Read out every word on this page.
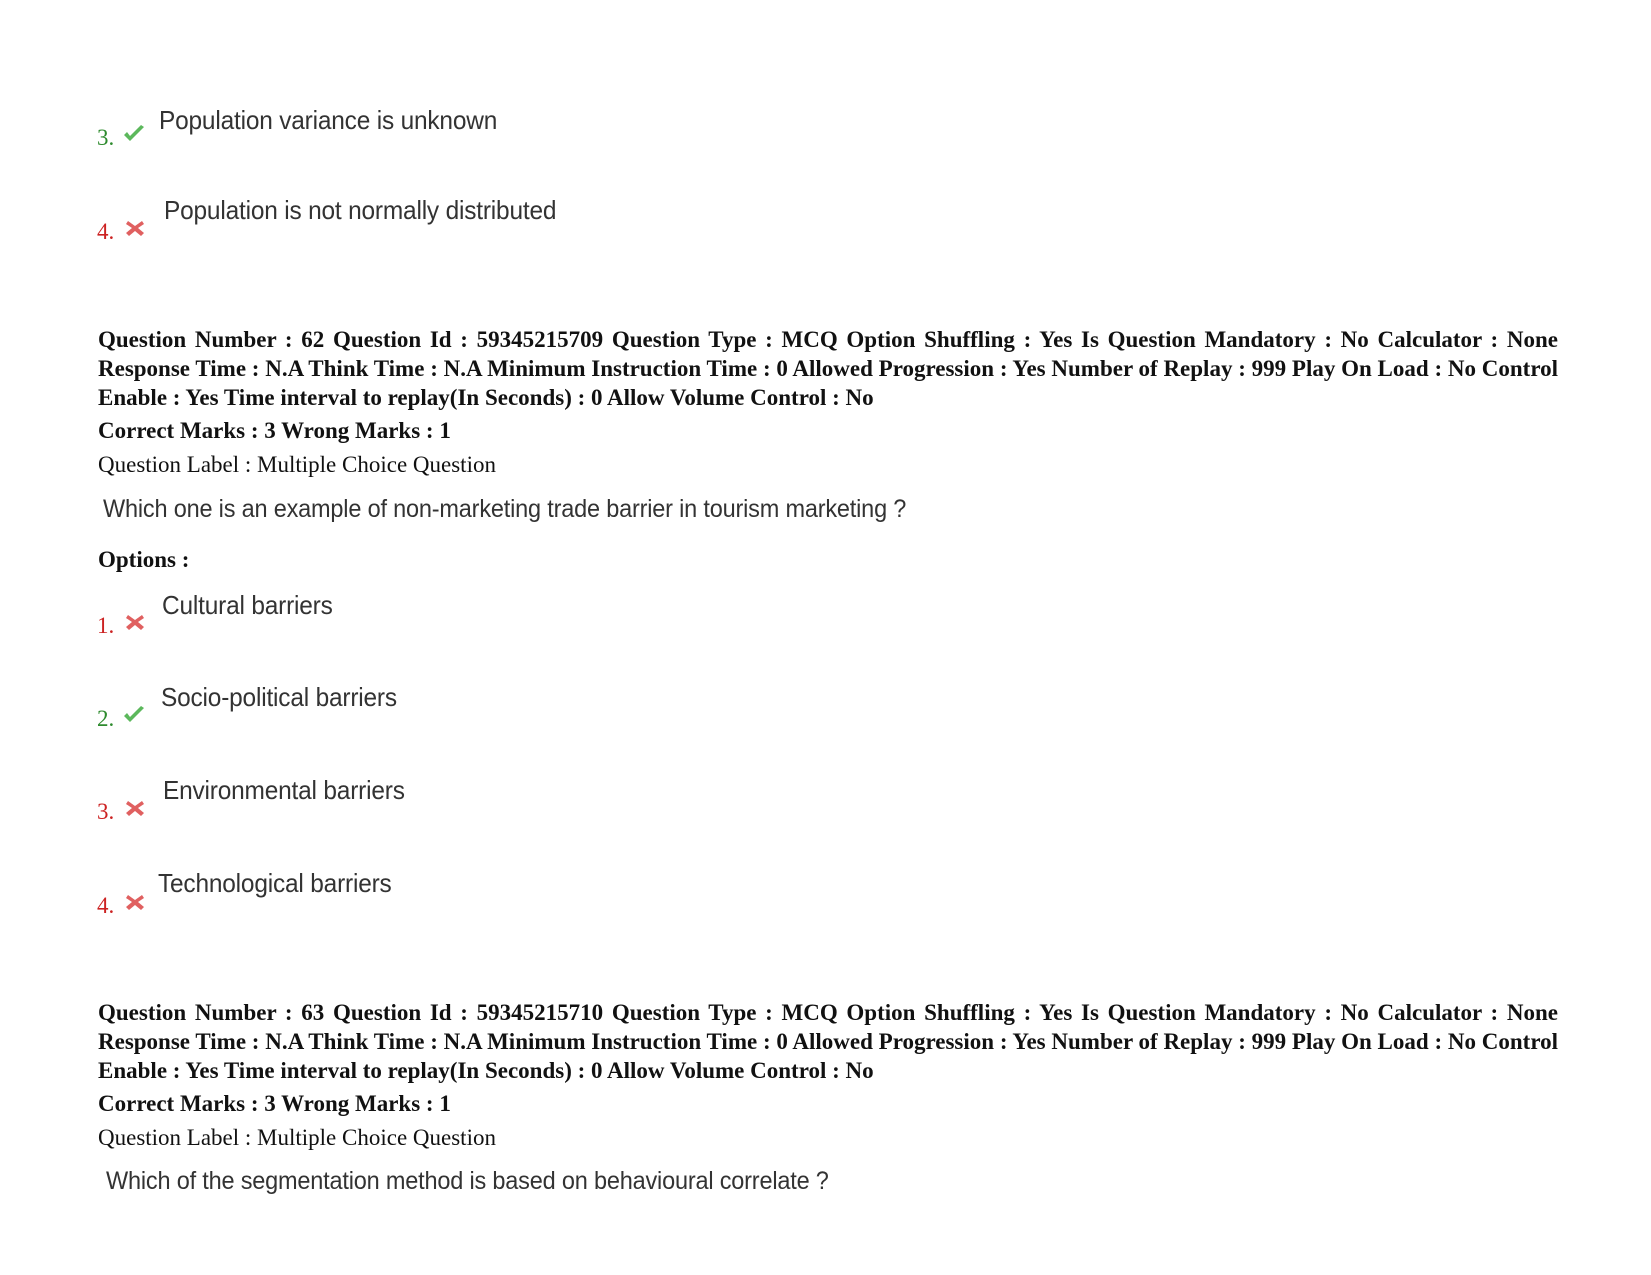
3.
Population variance is unknown
4.
Population is not normally distributed
Question Number : 62 Question Id : 59345215709 Question Type : MCQ Option Shuffling : Yes Is Question Mandatory : No Calculator : None Response Time : N.A Think Time : N.A Minimum Instruction Time : 0 Allowed Progression : Yes Number of Replay : 999 Play On Load : No Control Enable : Yes Time interval to replay(In Seconds) : 0 Allow Volume Control : No
Correct Marks : 3 Wrong Marks : 1
Question Label : Multiple Choice Question
Which one is an example of non-marketing trade barrier in tourism marketing ?
Options :
1.
Cultural barriers
2.
Socio-political barriers
3.
Environmental barriers
4.
Technological barriers
Question Number : 63 Question Id : 59345215710 Question Type : MCQ Option Shuffling : Yes Is Question Mandatory : No Calculator : None Response Time : N.A Think Time : N.A Minimum Instruction Time : 0 Allowed Progression : Yes Number of Replay : 999 Play On Load : No Control Enable : Yes Time interval to replay(In Seconds) : 0 Allow Volume Control : No
Correct Marks : 3 Wrong Marks : 1
Question Label : Multiple Choice Question
Which of the segmentation method is based on behavioural correlate ?
